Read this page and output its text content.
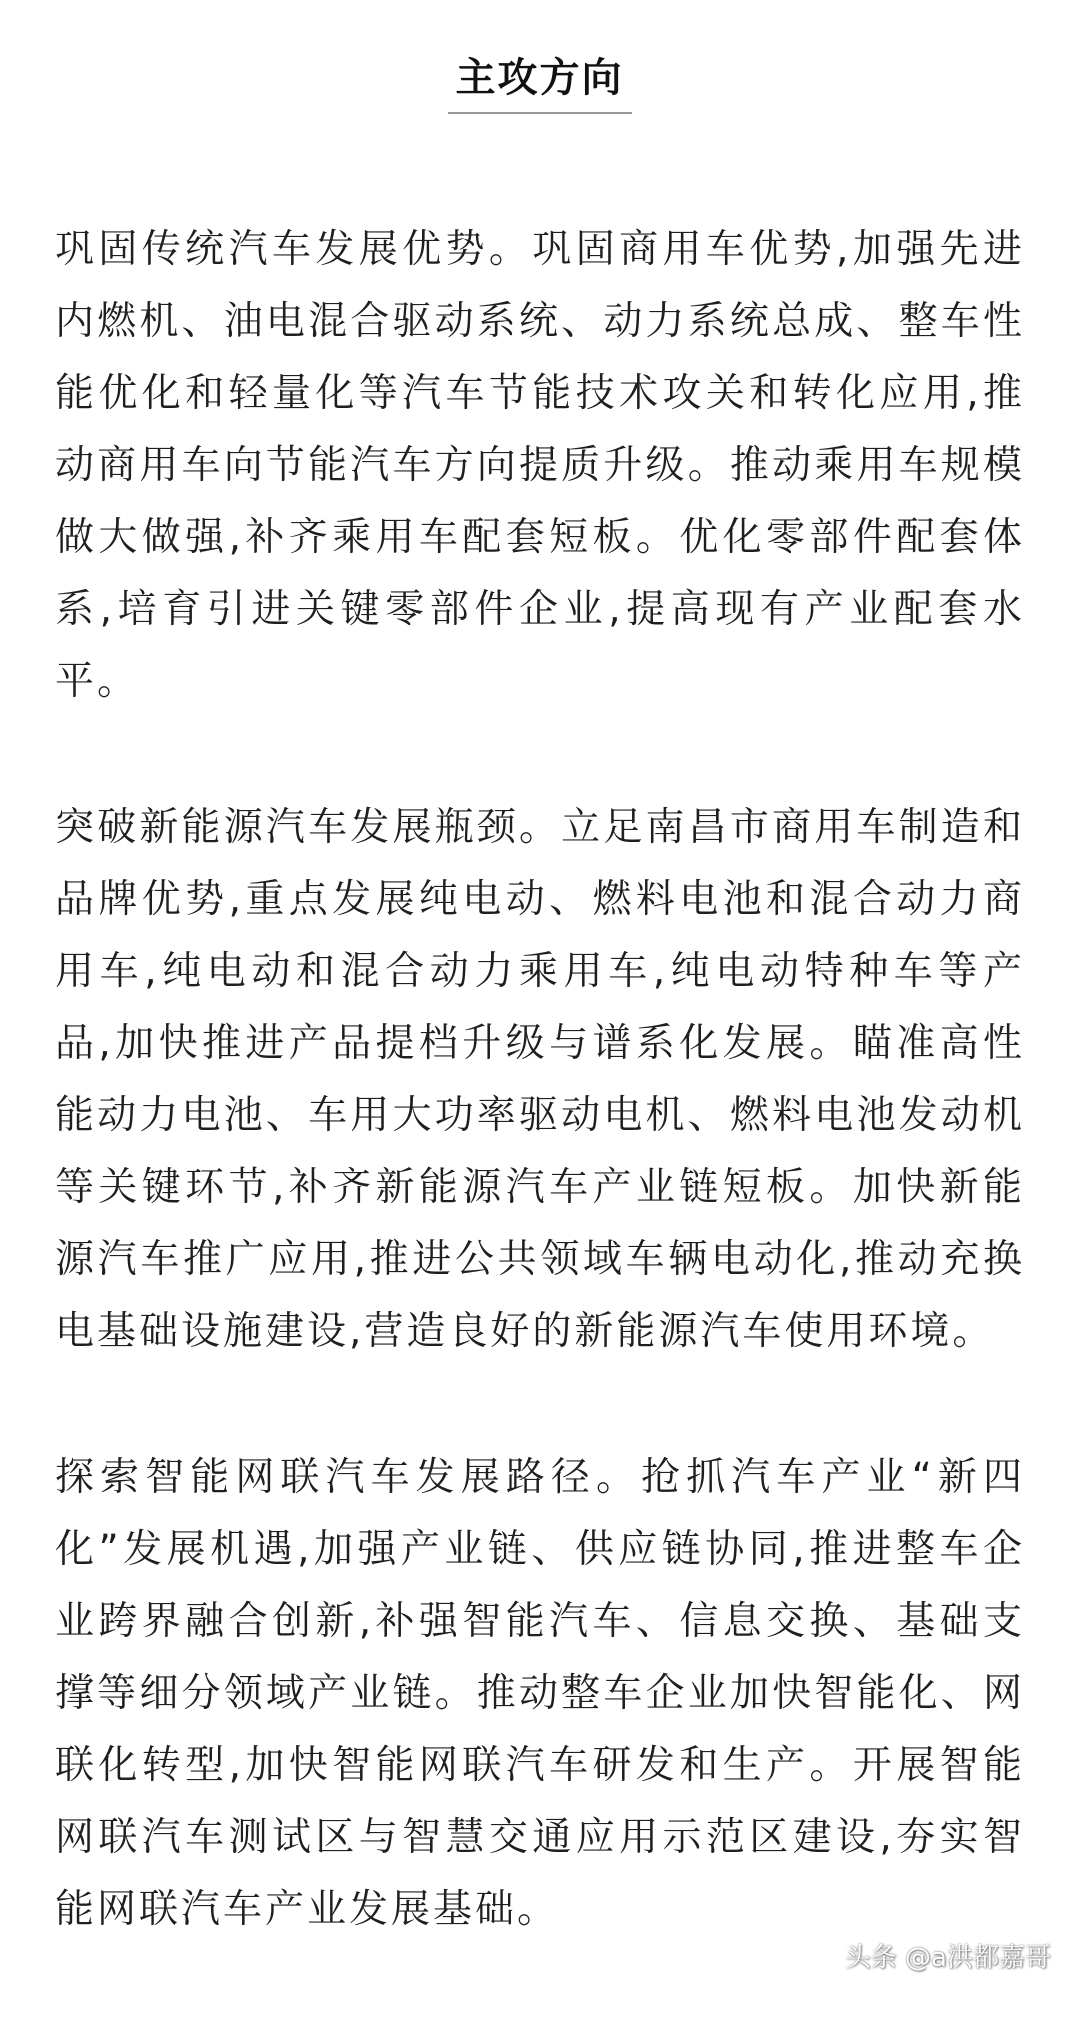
主攻方向

巩固传统汽车发展优势。巩固商用车优势,加强先进内燃机、油电混合驱动系统、动力系统总成、整车性能优化和轻量化等汽车节能技术攻关和转化应用,推动商用车向节能汽车方向提质升级。推动乘用车规模做大做强,补齐乘用车配套短板。优化零部件配套体系,培育引进关键零部件企业,提高现有产业配套水平。

突破新能源汽车发展瓶颈。立足南昌市商用车制造和品牌优势,重点发展纯电动、燃料电池和混合动力商用车,纯电动和混合动力乘用车,纯电动特种车等产品,加快推进产品提档升级与谱系化发展。瞄准高性能动力电池、车用大功率驱动电机、燃料电池发动机等关键环节,补齐新能源汽车产业链短板。加快新能源汽车推广应用,推进公共领域车辆电动化,推动充换电基础设施建设,营造良好的新能源汽车使用环境。

探索智能网联汽车发展路径。抢抓汽车产业“新四化”发展机遇,加强产业链、供应链协同,推进整车企业跨界融合创新,补强智能汽车、信息交换、基础支撑等细分领域产业链。推动整车企业加快智能化、网联化转型,加快智能网联汽车研发和生产。开展智能网联汽车测试区与智慧交通应用示范区建设,夯实智能网联汽车产业发展基础。

头条 @a洪都嘉哥
